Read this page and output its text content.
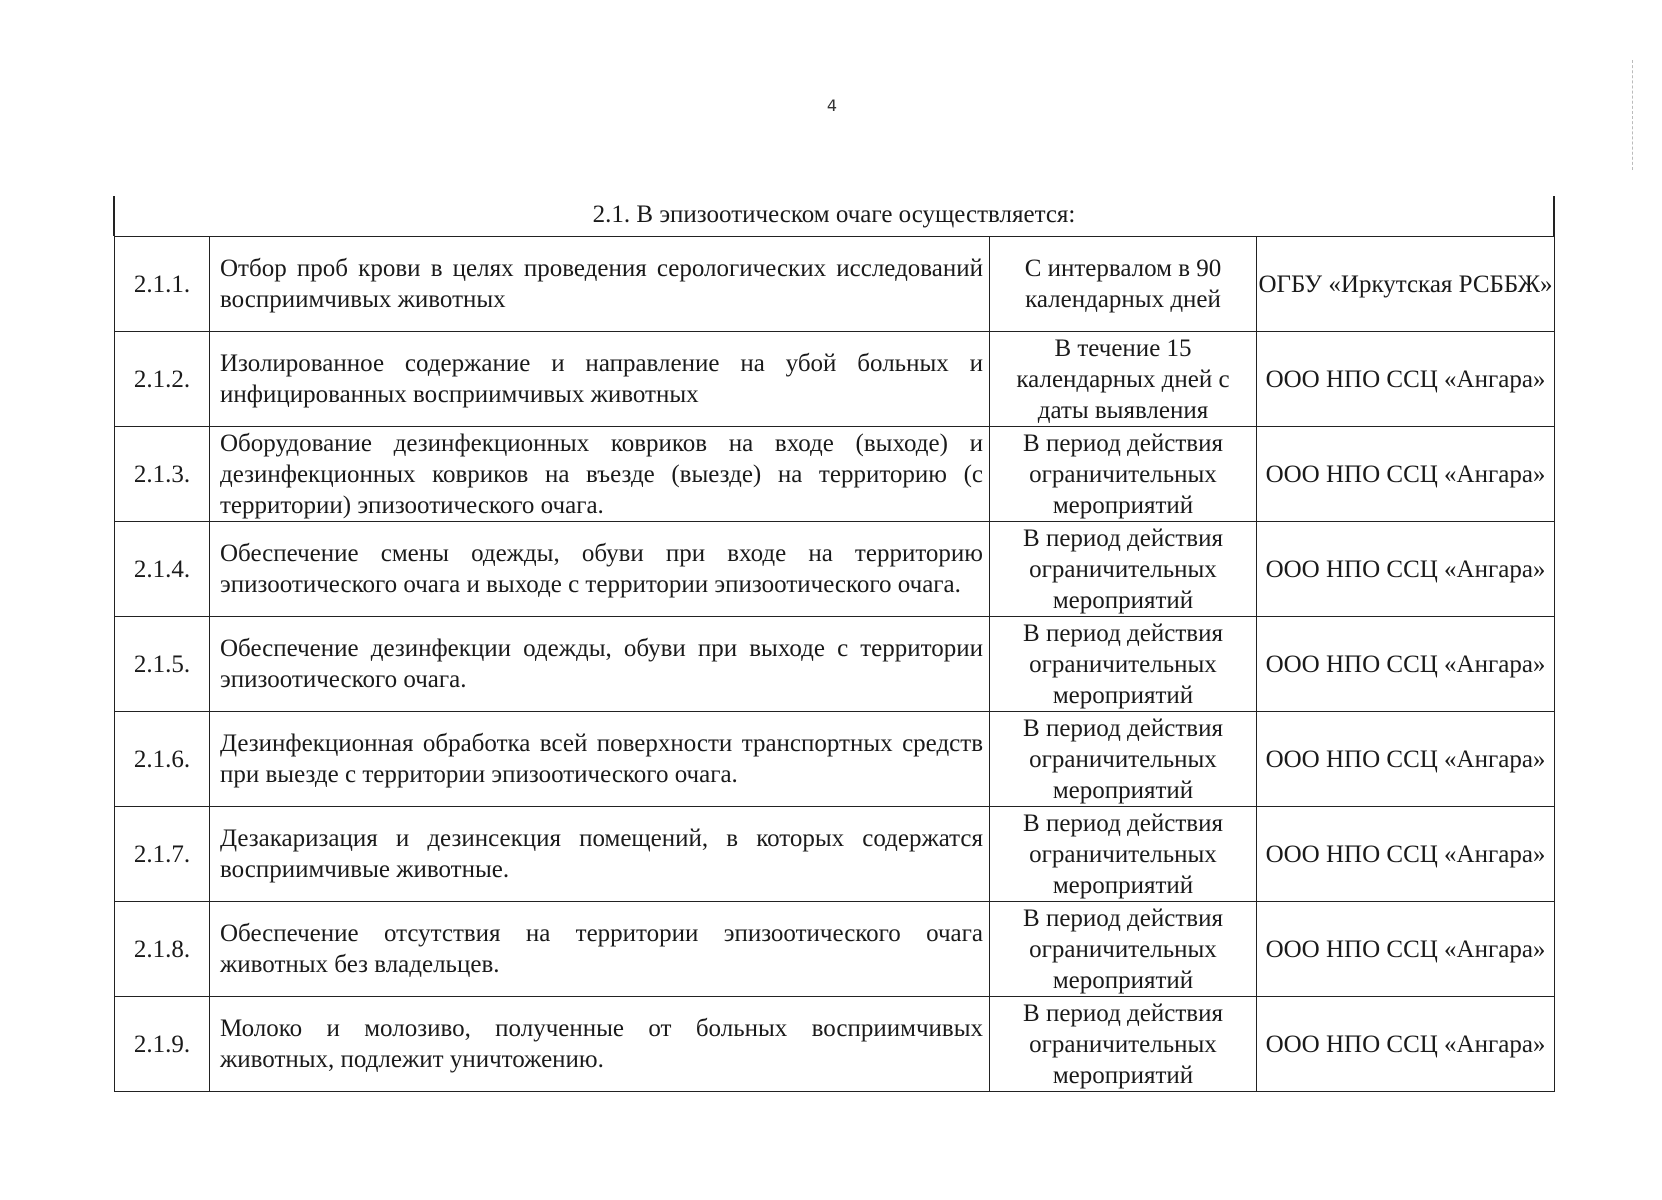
4
2.1. В эпизоотическом очаге осуществляется:
2.1.1.	Отбор проб крови в целях проведения серологических исследований восприимчивых животных	С интервалом в 90 календарных дней	ОГБУ «Иркутская РСББЖ»
2.1.2.	Изолированное содержание и направление на убой больных и инфицированных восприимчивых животных	В течение 15 календарных дней с даты выявления	ООО НПО ССЦ «Ангара»
2.1.3.	Оборудование дезинфекционных ковриков на входе (выходе) и дезинфекционных ковриков на въезде (выезде) на территорию (с территории) эпизоотического очага.	В период действия ограничительных мероприятий	ООО НПО ССЦ «Ангара»
2.1.4.	Обеспечение смены одежды, обуви при входе на территорию эпизоотического очага и выходе с территории эпизоотического очага.	В период действия ограничительных мероприятий	ООО НПО ССЦ «Ангара»
2.1.5.	Обеспечение дезинфекции одежды, обуви при выходе с территории эпизоотического очага.	В период действия ограничительных мероприятий	ООО НПО ССЦ «Ангара»
2.1.6.	Дезинфекционная обработка всей поверхности транспортных средств при выезде с территории эпизоотического очага.	В период действия ограничительных мероприятий	ООО НПО ССЦ «Ангара»
2.1.7.	Дезакаризация и дезинсекция помещений, в которых содержатся восприимчивые животные.	В период действия ограничительных мероприятий	ООО НПО ССЦ «Ангара»
2.1.8.	Обеспечение отсутствия на территории эпизоотического очага животных без владельцев.	В период действия ограничительных мероприятий	ООО НПО ССЦ «Ангара»
2.1.9.	Молоко и молозиво, полученные от больных восприимчивых животных, подлежит уничтожению.	В период действия ограничительных мероприятий	ООО НПО ССЦ «Ангара»
